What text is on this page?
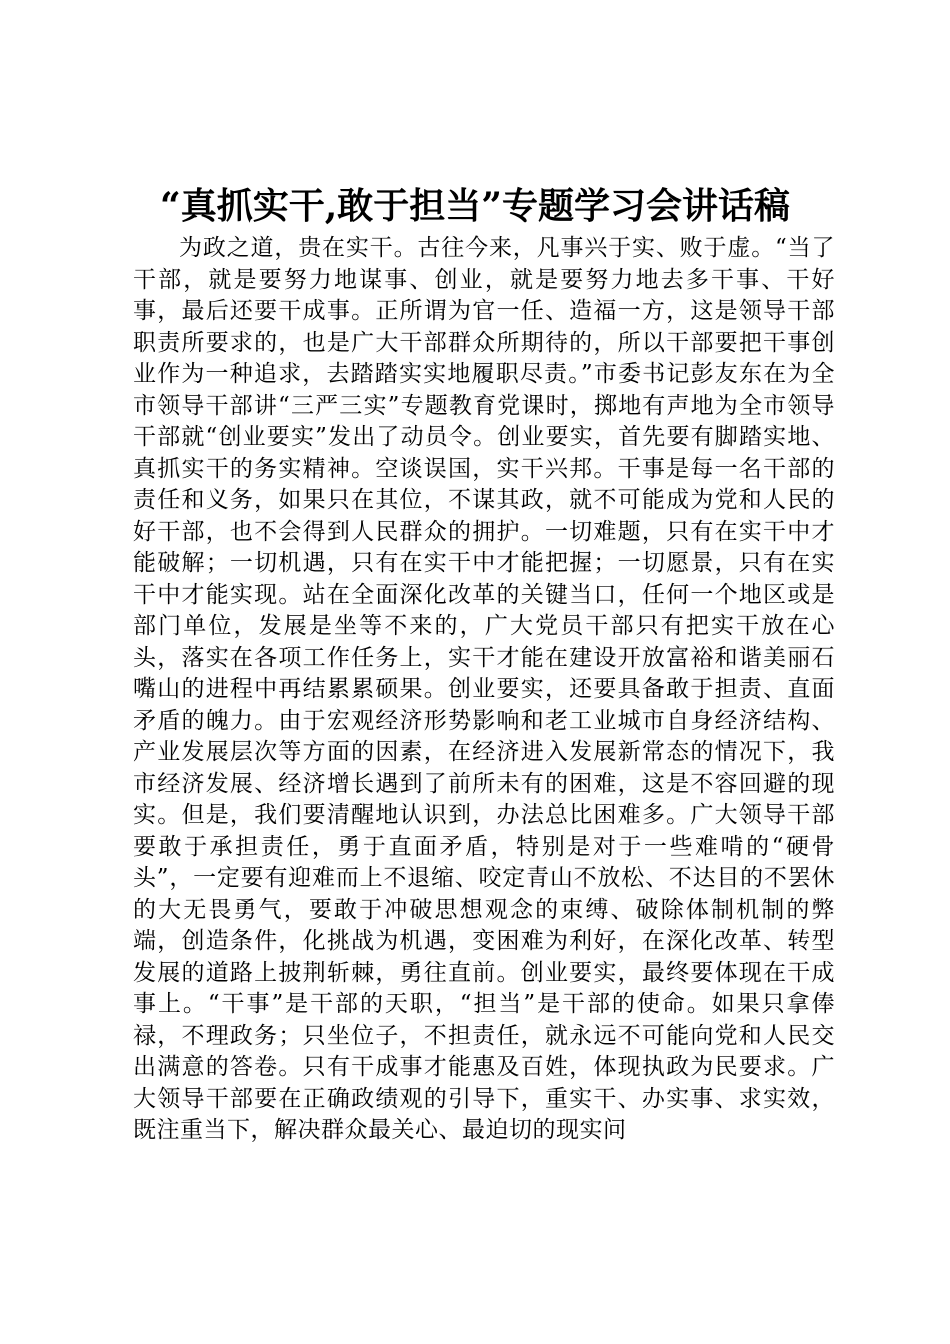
“真抓实干,敢于担当”专题学习会讲话稿

为政之道，贵在实干。古往今来，凡事兴于实、败于虚。“当了干部，就是要努力地谋事、创业，就是要努力地去多干事、干好事，最后还要干成事。正所谓为官一任、造福一方，这是领导干部职责所要求的，也是广大干部群众所期待的，所以干部要把干事创业作为一种追求，去踏踏实实地履职尽责。”市委书记彭友东在为全市领导干部讲“三严三实”专题教育党课时，掷地有声地为全市领导干部就“创业要实”发出了动员令。创业要实，首先要有脚踏实地、真抓实干的务实精神。空谈误国，实干兴邦。干事是每一名干部的责任和义务，如果只在其位，不谋其政，就不可能成为党和人民的好干部，也不会得到人民群众的拥护。一切难题，只有在实干中才能破解；一切机遇，只有在实干中才能把握；一切愿景，只有在实干中才能实现。站在全面深化改革的关键当口，任何一个地区或是部门单位，发展是坐等不来的，广大党员干部只有把实干放在心头，落实在各项工作任务上，实干才能在建设开放富裕和谐美丽石嘴山的进程中再结累累硕果。创业要实，还要具备敢于担责、直面矛盾的魄力。由于宏观经济形势影响和老工业城市自身经济结构、产业发展层次等方面的因素，在经济进入发展新常态的情况下，我市经济发展、经济增长遇到了前所未有的困难，这是不容回避的现实。但是，我们要清醒地认识到，办法总比困难多。广大领导干部要敢于承担责任，勇于直面矛盾，特别是对于一些难啃的“硬骨头”，一定要有迎难而上不退缩、咬定青山不放松、不达目的不罢休的大无畏勇气，要敢于冲破思想观念的束缚、破除体制机制的弊端，创造条件，化挑战为机遇，变困难为利好，在深化改革、转型发展的道路上披荆斩棘，勇往直前。创业要实，最终要体现在干成事上。“干事”是干部的天职，“担当”是干部的使命。如果只拿俸禄，不理政务；只坐位子，不担责任，就永远不可能向党和人民交出满意的答卷。只有干成事才能惠及百姓，体现执政为民要求。广大领导干部要在正确政绩观的引导下，重实干、办实事、求实效，既注重当下，解决群众最关心、最迫切的现实问
